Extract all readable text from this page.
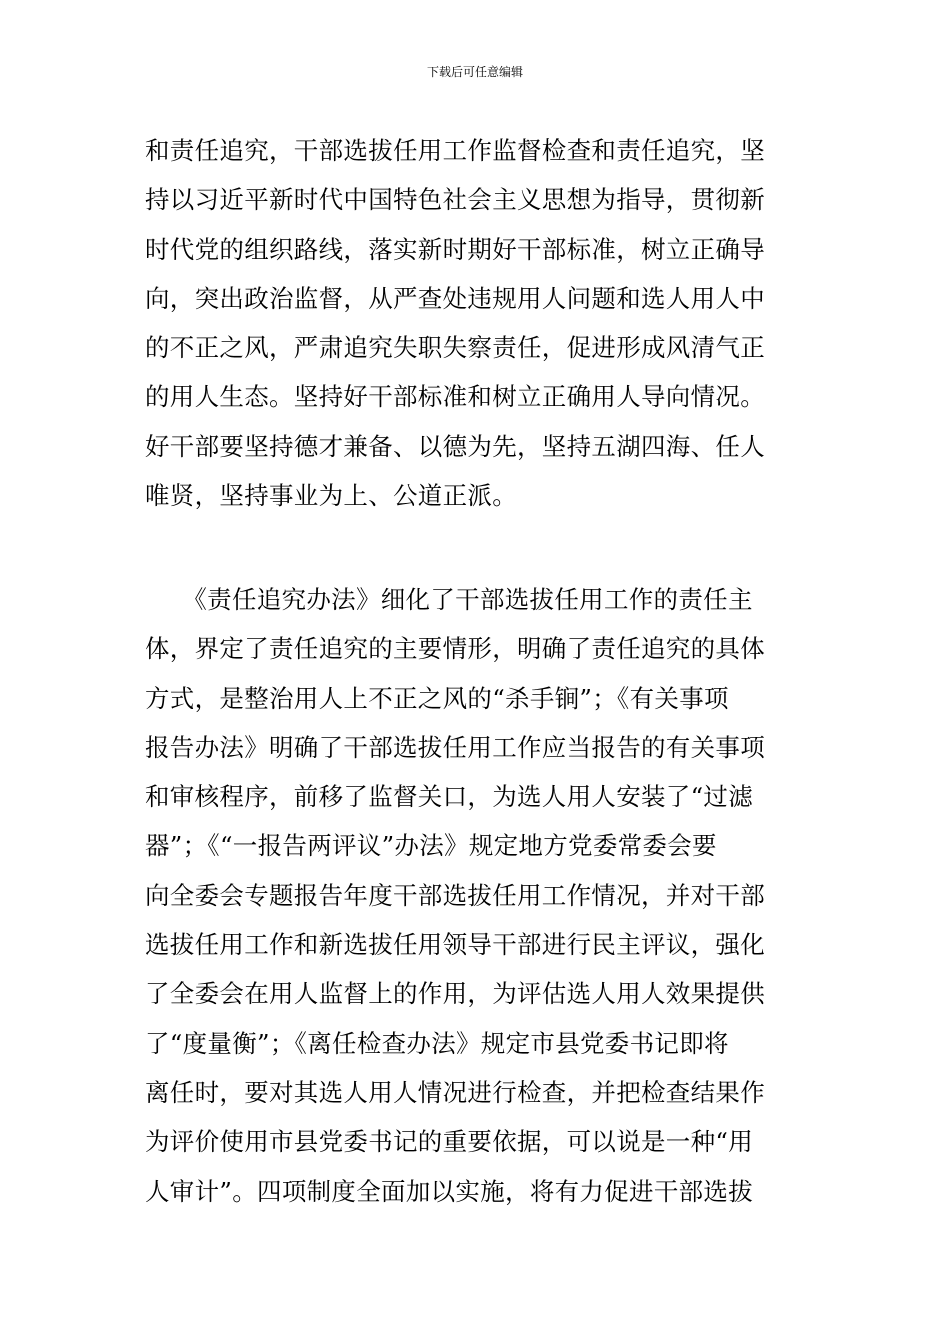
下载后可任意编辑
和责任追究，干部选拔任用工作监督检查和责任追究，坚
持以习近平新时代中国特色社会主义思想为指导，贯彻新
时代党的组织路线，落实新时期好干部标准，树立正确导
向，突出政治监督，从严查处违规用人问题和选人用人中
的不正之风，严肃追究失职失察责任，促进形成风清气正
的用人生态。坚持好干部标准和树立正确用人导向情况。
好干部要坚持德才兼备、以德为先，坚持五湖四海、任人
唯贤，坚持事业为上、公道正派。
　　《责任追究办法》细化了干部选拔任用工作的责任主
体，界定了责任追究的主要情形，明确了责任追究的具体
方式，是整治用人上不正之风的“杀手锏”；《有关事项
报告办法》明确了干部选拔任用工作应当报告的有关事项
和审核程序，前移了监督关口，为选人用人安装了“过滤
器”；《“一报告两评议”办法》规定地方党委常委会要
向全委会专题报告年度干部选拔任用工作情况，并对干部
选拔任用工作和新选拔任用领导干部进行民主评议，强化
了全委会在用人监督上的作用，为评估选人用人效果提供
了“度量衡”；《离任检查办法》规定市县党委书记即将
离任时，要对其选人用人情况进行检查，并把检查结果作
为评价使用市县党委书记的重要依据，可以说是一种“用
人审计”。四项制度全面加以实施，将有力促进干部选拔
